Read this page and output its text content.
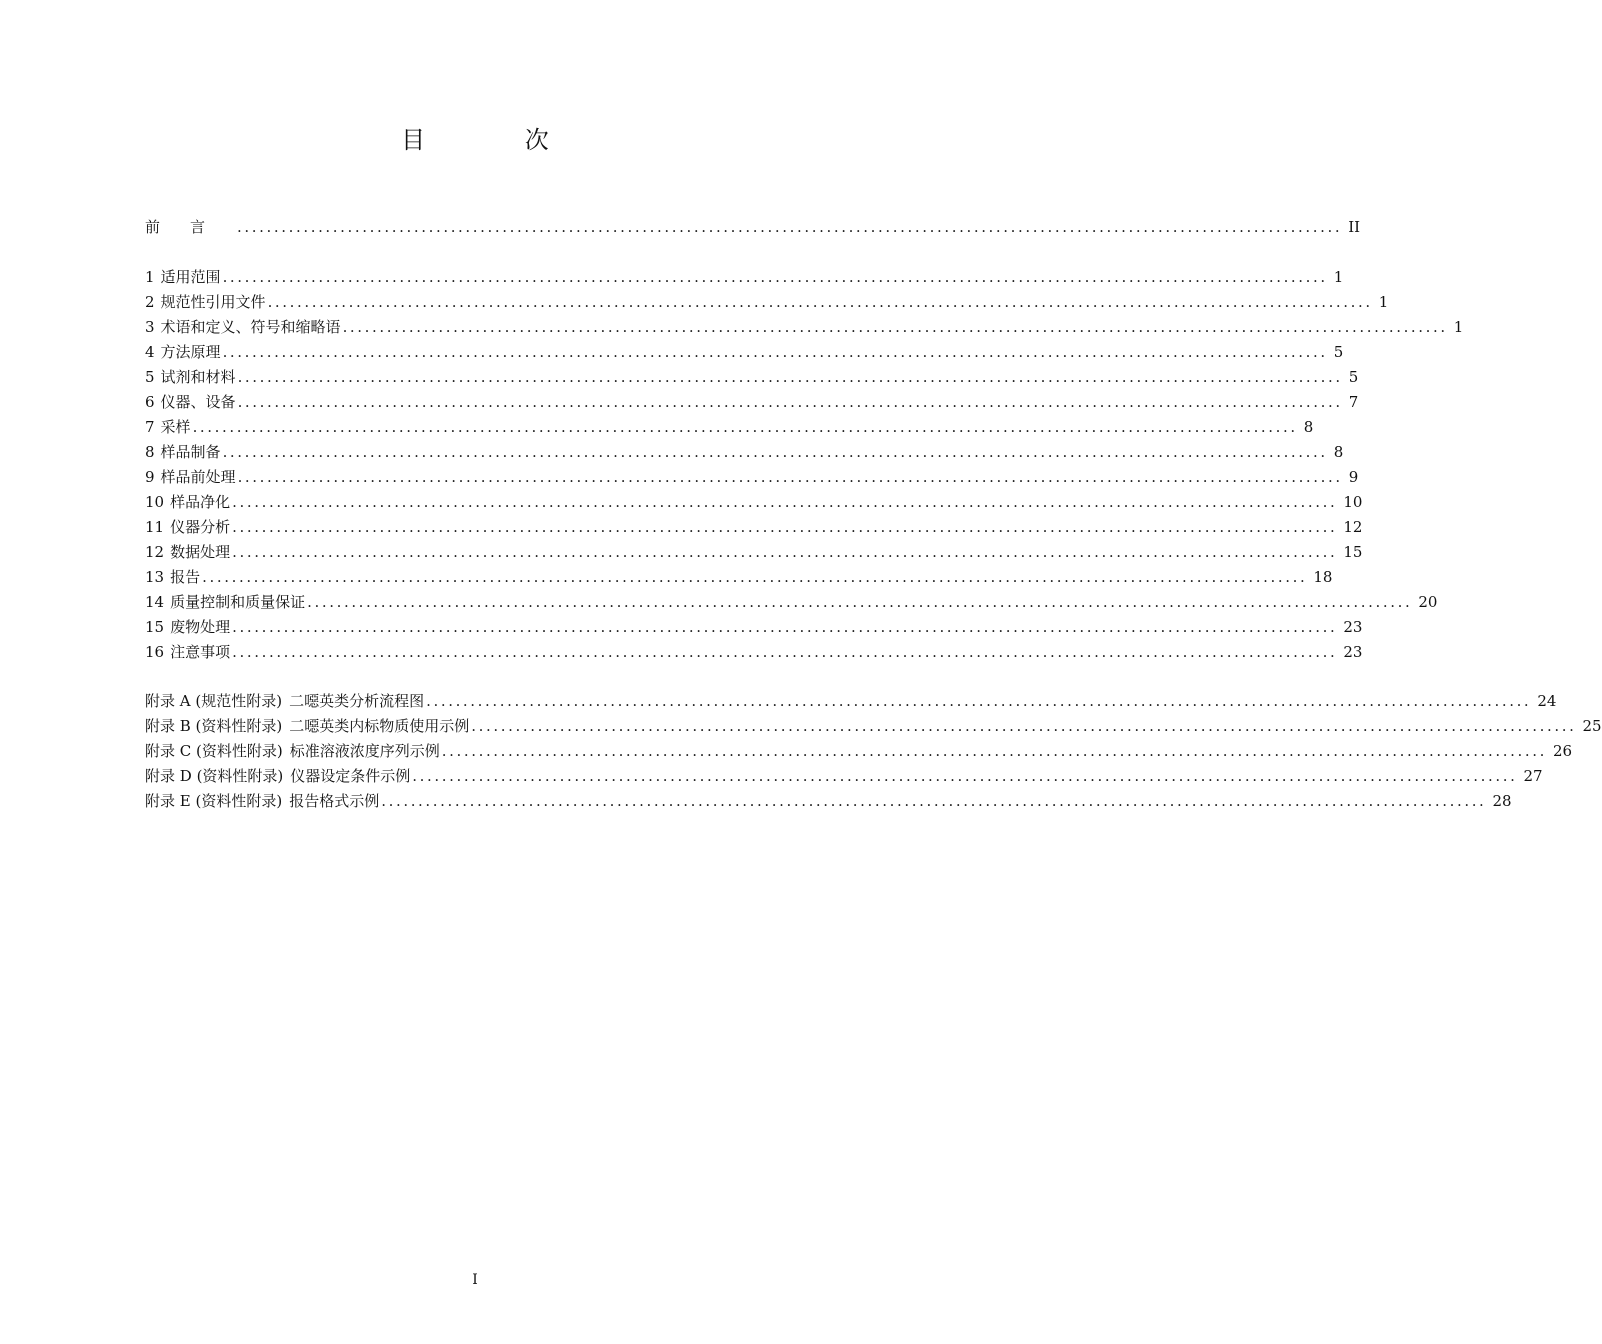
目 次
前言 ...................................................................................................................................................... II
1 适用范围 ...................................................................................................................................................... 1
2 规范性引用文件 ...................................................................................................................................................... 1
3 术语和定义、符号和缩略语 ...................................................................................................................................................... 1
4 方法原理 ...................................................................................................................................................... 5
5 试剂和材料 ...................................................................................................................................................... 5
6 仪器、设备 ...................................................................................................................................................... 7
7 采样 ...................................................................................................................................................... 8
8 样品制备 ...................................................................................................................................................... 8
9 样品前处理 ...................................................................................................................................................... 9
10 样品净化 ...................................................................................................................................................... 10
11 仪器分析 ...................................................................................................................................................... 12
12 数据处理 ...................................................................................................................................................... 15
13 报告 ...................................................................................................................................................... 18
14 质量控制和质量保证 ...................................................................................................................................................... 20
15 废物处理 ...................................................................................................................................................... 23
16 注意事项 ...................................................................................................................................................... 23
附录 A (规范性附录) 二噁英类分析流程图 ...................................................................................................................................................... 24
附录 B (资料性附录) 二噁英类内标物质使用示例 ...................................................................................................................................................... 25
附录 C (资料性附录) 标准溶液浓度序列示例 ...................................................................................................................................................... 26
附录 D (资料性附录) 仪器设定条件示例 ...................................................................................................................................................... 27
附录 E (资料性附录) 报告格式示例 ...................................................................................................................................................... 28
I
